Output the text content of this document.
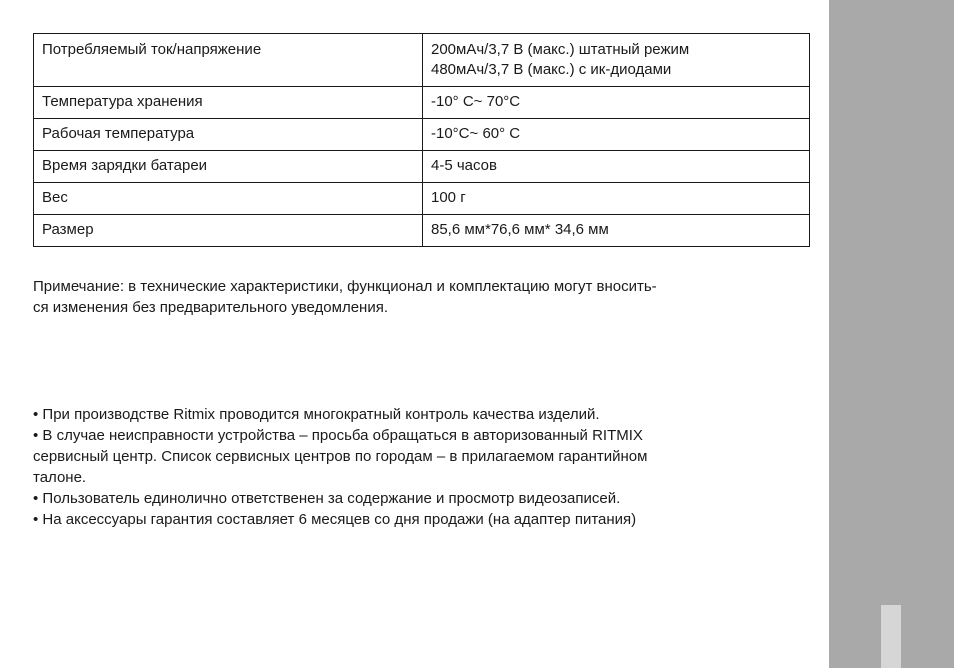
Потребляемый ток/напряжение	200мАч/3,7 В (макс.) штатный режим
480мАч/3,7 В (макс.) с ик-диодами

Температура хранения	-10° C~ 70°C
Рабочая температура	-10°C~ 60° C
Время зарядки батареи	4-5 часов
Вес	100 г
Размер	85,6 мм*76,6 мм* 34,6 мм
Примечание: в технические характеристики, функционал и комплектацию могут вносить-
ся изменения без предварительного уведомления.
• При производстве Ritmix проводится многократный контроль качества изделий.
• В случае неисправности устройства – просьба обращаться в авторизованный RITMIX
сервисный центр. Список сервисных центров по городам – в прилагаемом гарантийном
талоне.
• Пользователь единолично ответственен за содержание и просмотр видеозаписей.
• На аксессуары гарантия составляет 6 месяцев со дня продажи (на адаптер питания)
